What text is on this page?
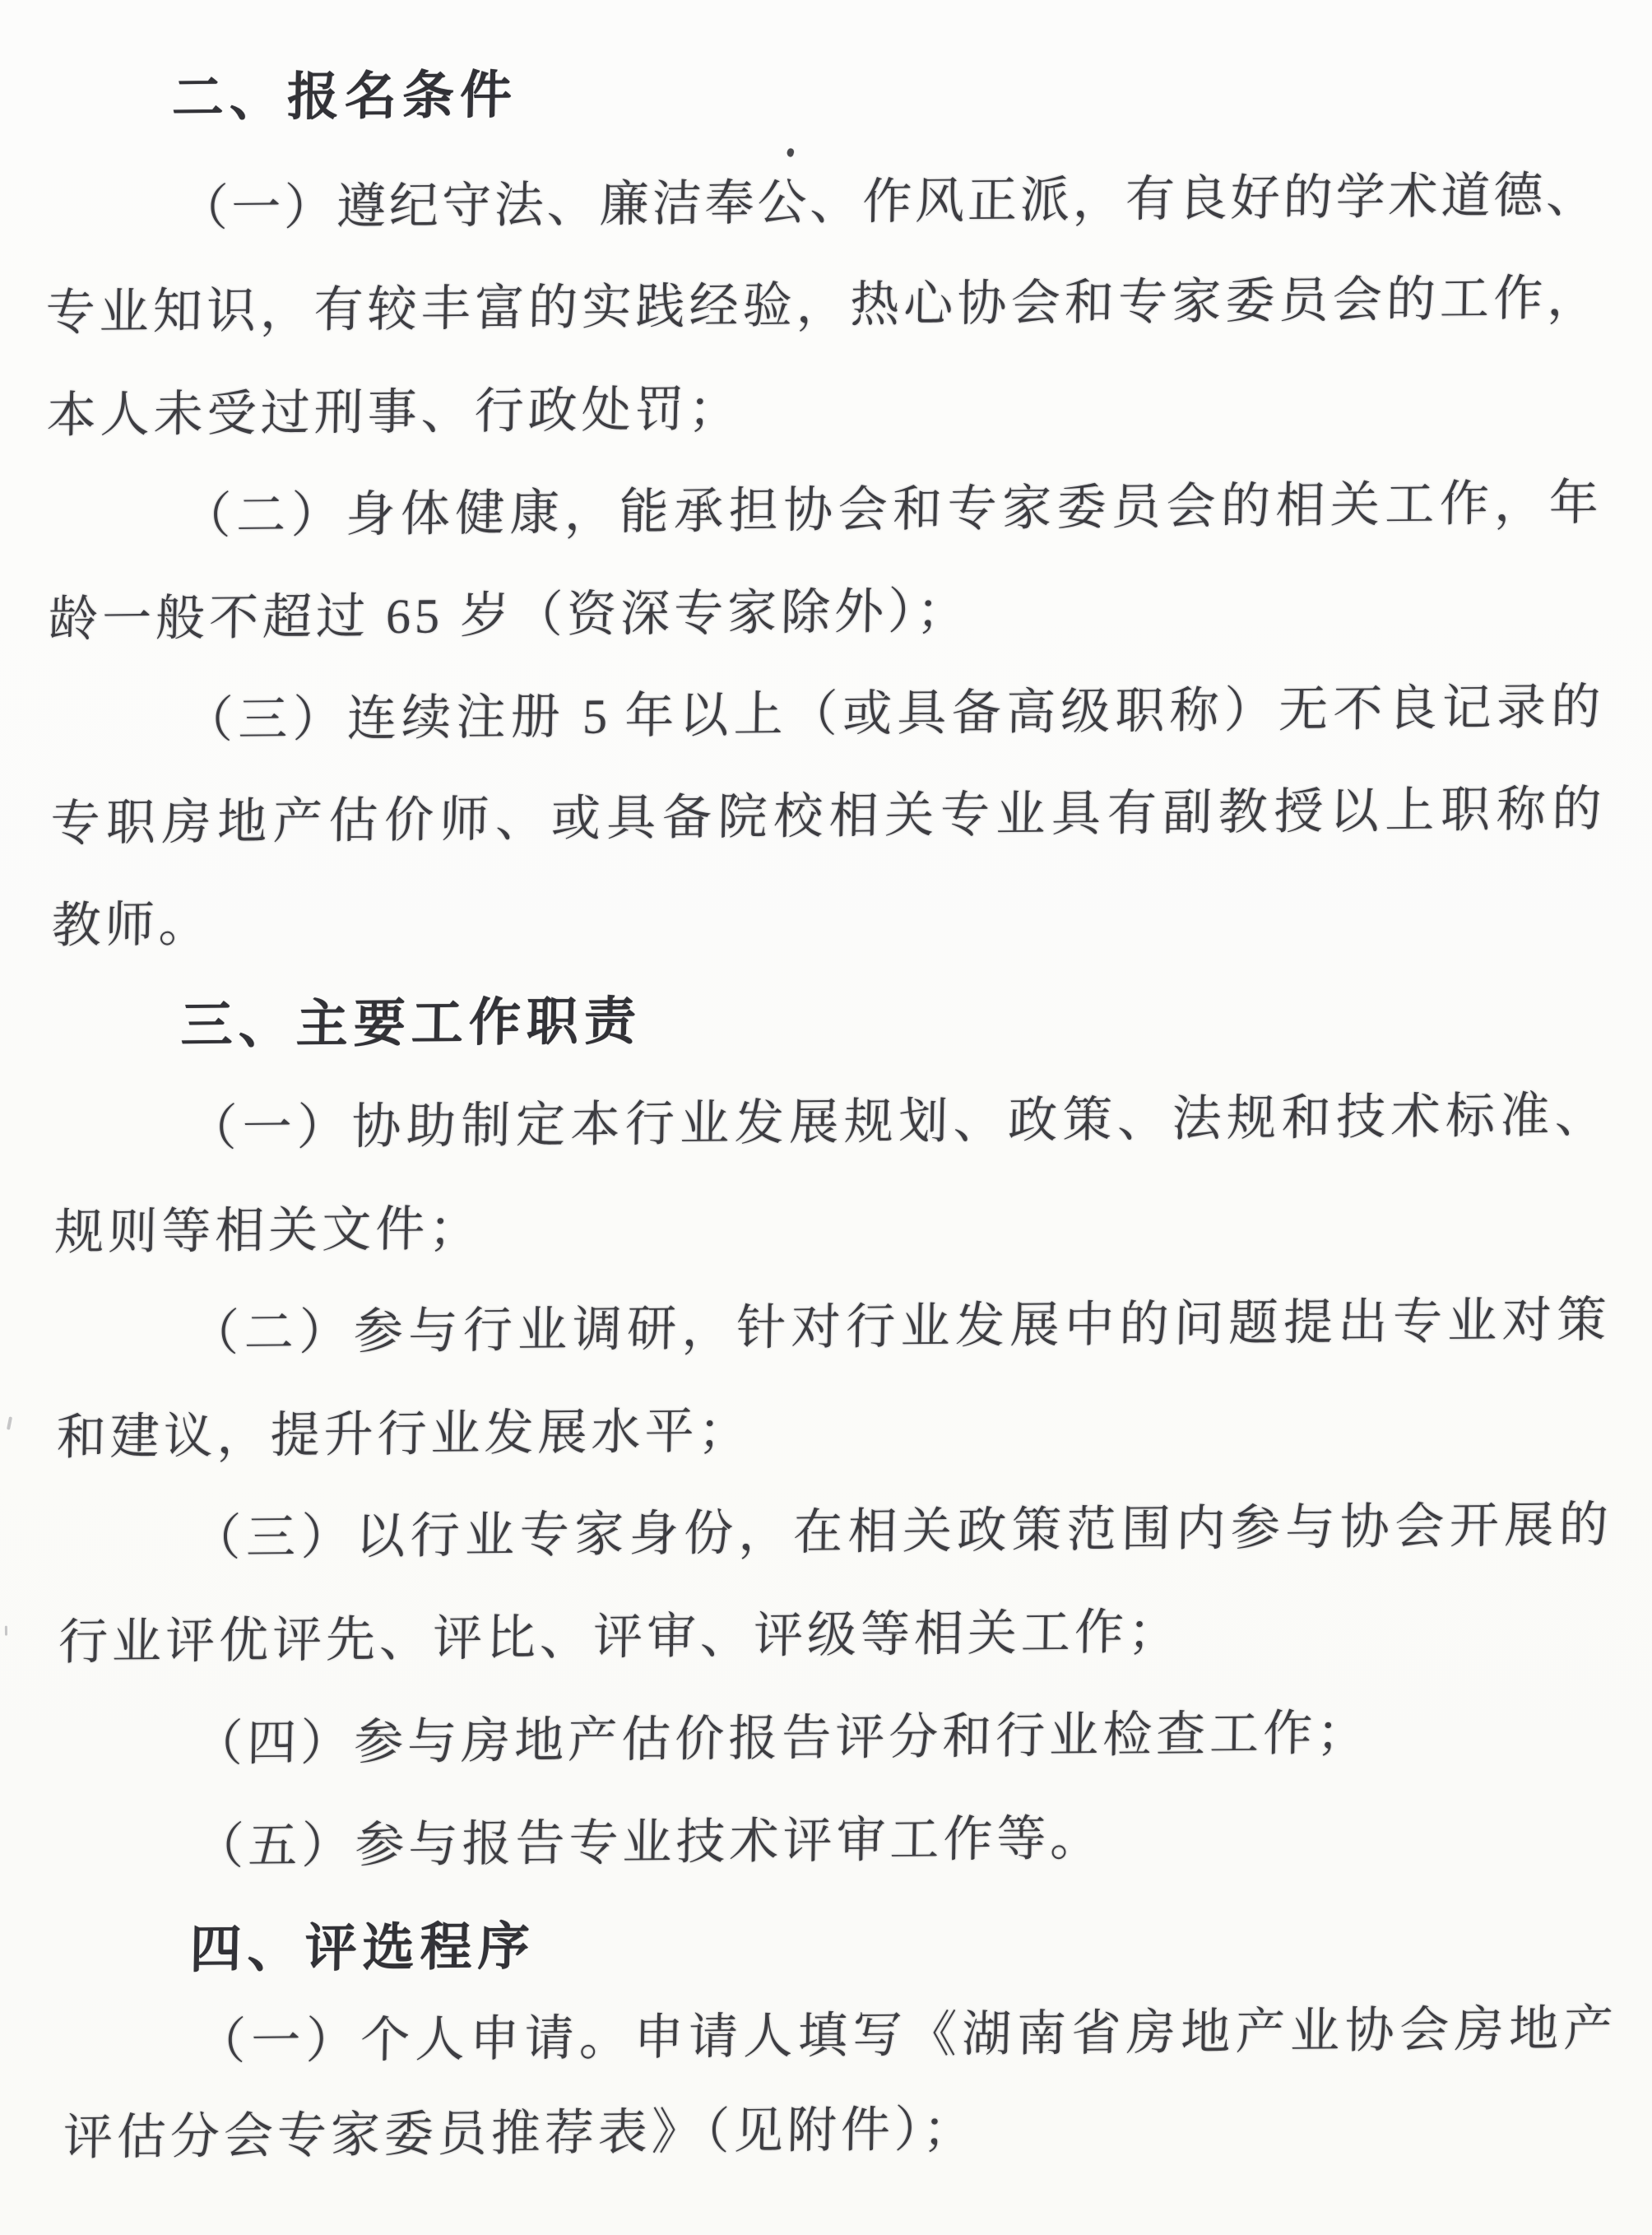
二、报名条件
（一）遵纪守法、廉洁奉公、作风正派，有良好的学术道德、
专业知识，有较丰富的实践经验，热心协会和专家委员会的工作，
本人未受过刑事、行政处罚；
（二）身体健康，能承担协会和专家委员会的相关工作，年
龄一般不超过 65 岁（资深专家除外）；
（三）连续注册 5 年以上（或具备高级职称）无不良记录的
专职房地产估价师、或具备院校相关专业具有副教授以上职称的
教师。
三、主要工作职责
（一）协助制定本行业发展规划、政策、法规和技术标准、
规则等相关文件；
（二）参与行业调研，针对行业发展中的问题提出专业对策
和建议，提升行业发展水平；
（三）以行业专家身份，在相关政策范围内参与协会开展的
行业评优评先、评比、评审、评级等相关工作；
（四）参与房地产估价报告评分和行业检查工作；
（五）参与报告专业技术评审工作等。
四、评选程序
（一）个人申请。申请人填写《湖南省房地产业协会房地产
评估分会专家委员推荐表》（见附件）；
